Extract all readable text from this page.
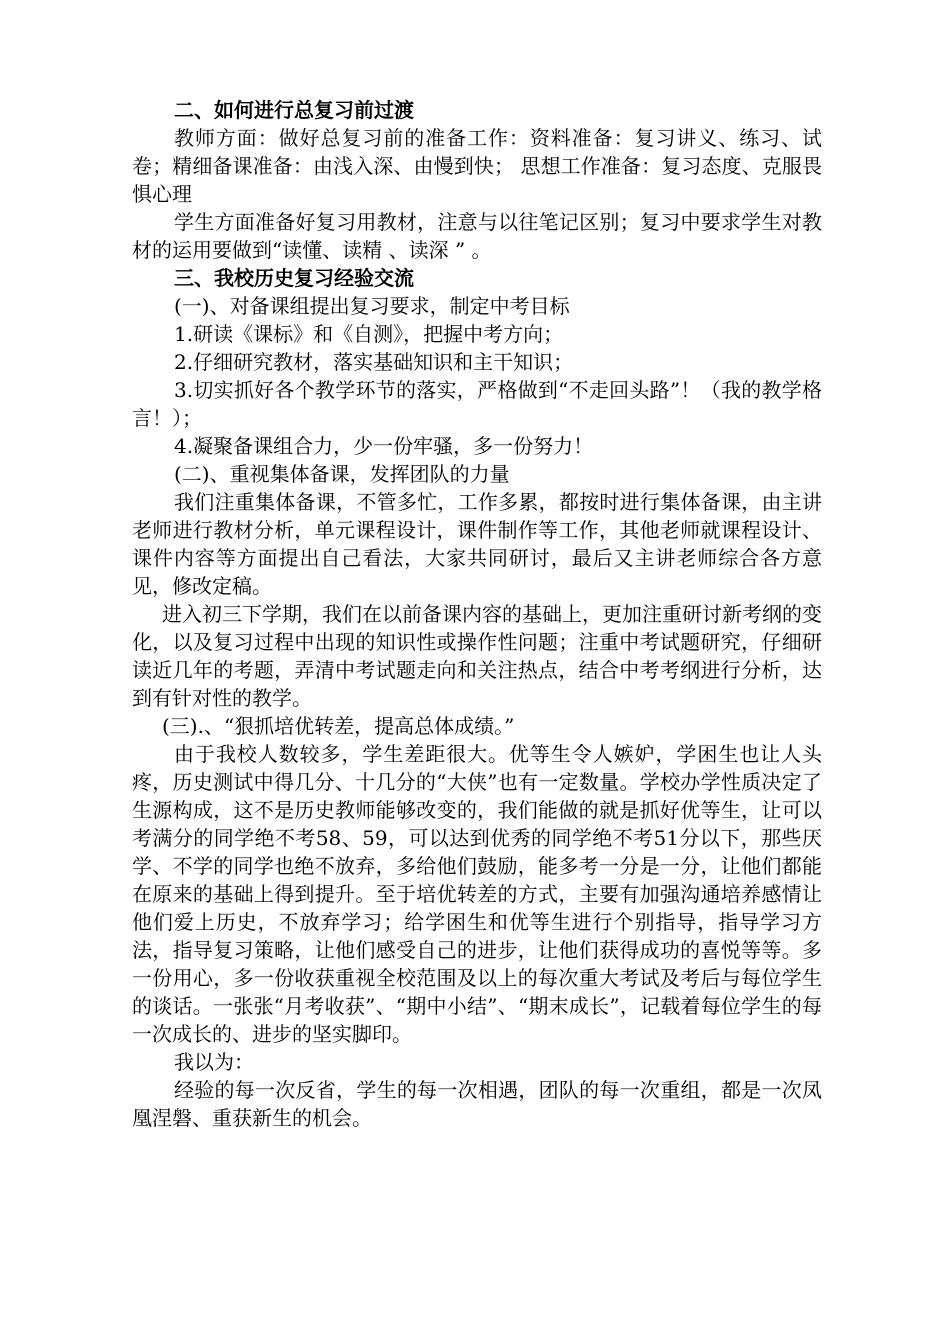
二、如何进行总复习前过渡

教师方面：做好总复习前的准备工作：资料准备：复习讲义、练习、试卷；精细备课准备：由浅入深、由慢到快； 思想工作准备：复习态度、克服畏惧心理

学生方面准备好复习用教材，注意与以往笔记区别；复习中要求学生对教材的运用要做到“读懂、读精 、读深 ” 。

三、我校历史复习经验交流

(一)、对备课组提出复习要求，制定中考目标

1.研读《课标》和《自测》，把握中考方向；

2.仔细研究教材，落实基础知识和主干知识；

3.切实抓好各个教学环节的落实，严格做到“不走回头路”！（我的教学格言！）；

4.凝聚备课组合力，少一份牢骚，多一份努力！

(二)、重视集体备课，发挥团队的力量

我们注重集体备课，不管多忙，工作多累，都按时进行集体备课，由主讲老师进行教材分析，单元课程设计，课件制作等工作，其他老师就课程设计、课件内容等方面提出自己看法，大家共同研讨，最后又主讲老师综合各方意见，修改定稿。

进入初三下学期，我们在以前备课内容的基础上，更加注重研讨新考纲的变化，以及复习过程中出现的知识性或操作性问题；注重中考试题研究，仔细研读近几年的考题，弄清中考试题走向和关注热点，结合中考考纲进行分析，达到有针对性的教学。

(三).、“狠抓培优转差，提高总体成绩。”

由于我校人数较多，学生差距很大。优等生令人嫉妒，学困生也让人头疼，历史测试中得几分、十几分的“大侠”也有一定数量。学校办学性质决定了生源构成，这不是历史教师能够改变的，我们能做的就是抓好优等生，让可以考满分的同学绝不考58、59，可以达到优秀的同学绝不考51分以下，那些厌学、不学的同学也绝不放弃，多给他们鼓励，能多考一分是一分，让他们都能在原来的基础上得到提升。至于培优转差的方式，主要有加强沟通培养感情让他们爱上历史，不放弃学习；给学困生和优等生进行个别指导，指导学习方法，指导复习策略，让他们感受自己的进步，让他们获得成功的喜悦等等。多一份用心，多一份收获重视全校范围及以上的每次重大考试及考后与每位学生的谈话。一张张“月考收获”、“期中小结”、“期末成长”，记载着每位学生的每一次成长的、进步的坚实脚印。

我以为：

经验的每一次反省，学生的每一次相遇，团队的每一次重组，都是一次凤凰涅磐、重获新生的机会。
